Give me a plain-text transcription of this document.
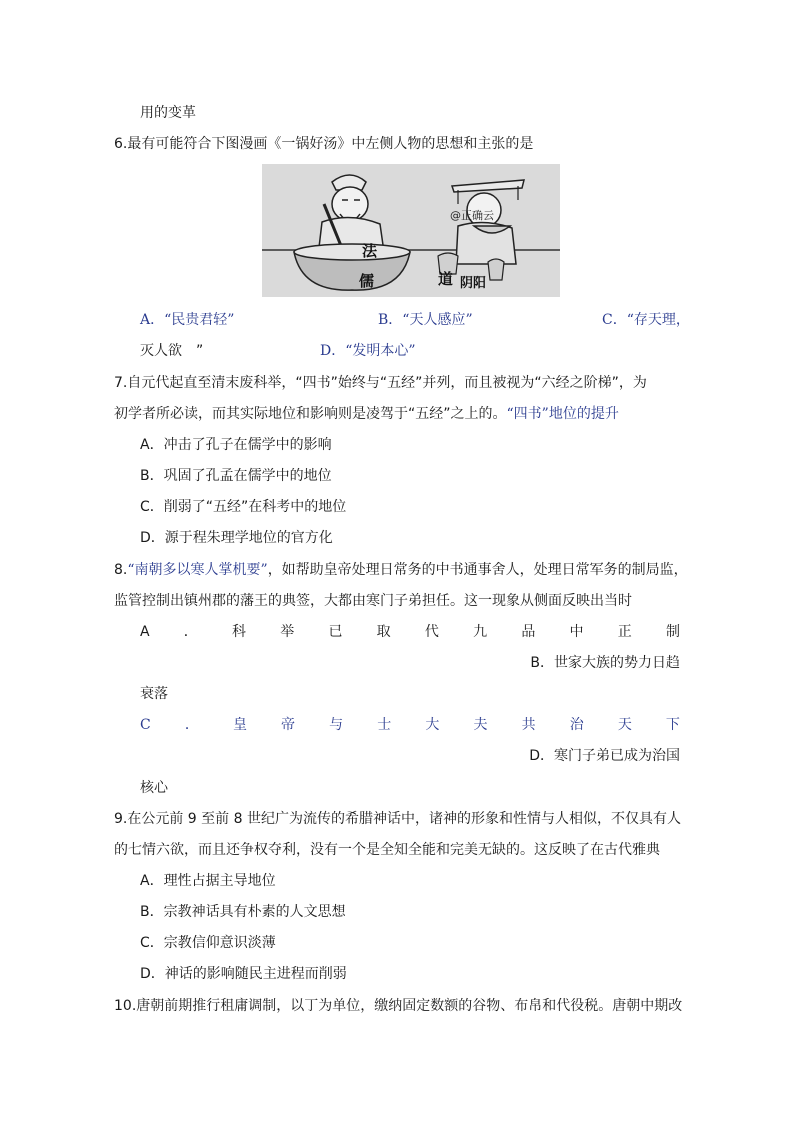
用的变革
6.最有可能符合下图漫画《一锅好汤》中左侧人物的思想和主张的是
法
儒	道 阴阳
@正确云
A．“民贵君轻”	B．“天人感应”	C．“存天理，
灭人欲　”	D．“发明本心”
7.自元代起直至清末废科举，“四书”始终与“五经”并列，而且被视为“六经之阶梯”，为
初学者所必读，而其实际地位和影响则是凌驾于“五经”之上的。“四书”地位的提升
A．冲击了孔子在儒学中的影响
B．巩固了孔孟在儒学中的地位
C．削弱了“五经”在科考中的地位
D．源于程朱理学地位的官方化
8.“南朝多以寒人掌机要”，如帮助皇帝处理日常务的中书通事舍人，处理日常军务的制局监，
监管控制出镇州郡的藩王的典签，大都由寒门子弟担任。这一现象从侧面反映出当时
A ． 科 举 已 取 代 九 品 中 正 制
B．世家大族的势力日趋
衰落
C ． 皇 帝 与 士 大 夫 共 治 天 下
D．寒门子弟已成为治国
核心
9.在公元前 9 至前 8 世纪广为流传的希腊神话中，诸神的形象和性情与人相似，不仅具有人
的七情六欲，而且还争权夺利，没有一个是全知全能和完美无缺的。这反映了在古代雅典
A．理性占据主导地位
B．宗教神话具有朴素的人文思想
C．宗教信仰意识淡薄
D．神话的影响随民主进程而削弱
10.唐朝前期推行租庸调制，以丁为单位，缴纳固定数额的谷物、布帛和代役税。唐朝中期改
